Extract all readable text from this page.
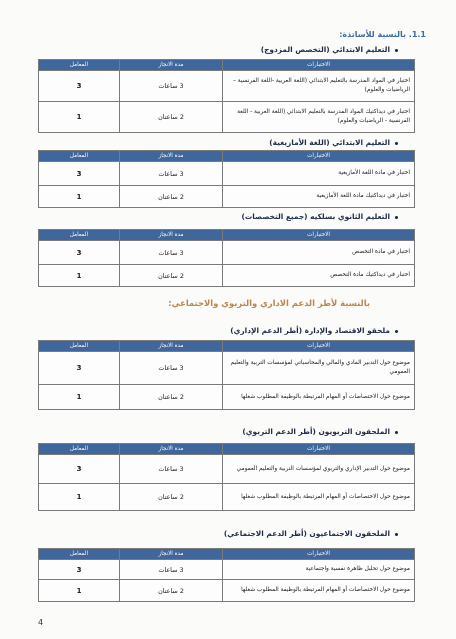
1.1. بالنسبة للأساتذة:
التعليم الابتدائي (التخصص المزدوج)
الاختبارات	مدة الانجاز	المعامل
اختبار في المواد المدرسة بالتعليم الابتدائي (اللغة العربية -اللغة الفرنسية – الرياضيات والعلوم)	3 ساعات	3
اختبار في ديداكتيك المواد المدرسة بالتعليم الابتدائي (اللغة العربية - اللغة الفرنسية - الرياضيات والعلوم)	2 ساعتان	1
التعليم الابتدائي (اللغة الأمازيغية)
الاختبارات	مدة الانجاز	المعامل
اختبار في مادة اللغة الأمازيغية	3 ساعات	3
اختبار في ديداكتيك مادة اللغة الأمازيغية	2 ساعتان	1
التعليم الثانوي بسلكيه (جميع التخصصات)
الاختبارات	مدة الانجاز	المعامل
اختبار في مادة التخصص	3 ساعات	3
اختبار في ديداكتيك مادة التخصص	2 ساعتان	1
بالنسبة لأطر الدعم الاداري والتربوي والاجتماعي:
ملحقو الاقتصاد والإدارة (أطر الدعم الإداري)
الاختبارات	مدة الانجاز	المعامل
موضوع حول التدبير المادي والمالي والمحاسباتي لمؤسسات التربية والتعليم العمومي	3 ساعات	3
موضوع حول الاختصاصات أو المهام المرتبطة بالوظيفة المطلوب شغلها	2 ساعتان	1
الملحقون التربويون (أطر الدعم التربوي)
الاختبارات	مدة الانجاز	المعامل
موضوع حول التدبير الإداري والتربوي لمؤسسات التربية والتعليم العمومي	3 ساعات	3
موضوع حول الاختصاصات أو المهام المرتبطة بالوظيفة المطلوب شغلها	2 ساعتان	1
الملحقون الاجتماعيون (أطر الدعم الاجتماعي)
الاختبارات	مدة الانجاز	المعامل
موضوع حول تحليل ظاهرة نفسية واجتماعية	3 ساعات	3
موضوع حول الاختصاصات أو المهام المرتبطة بالوظيفة المطلوب شغلها	2 ساعتان	1
4
